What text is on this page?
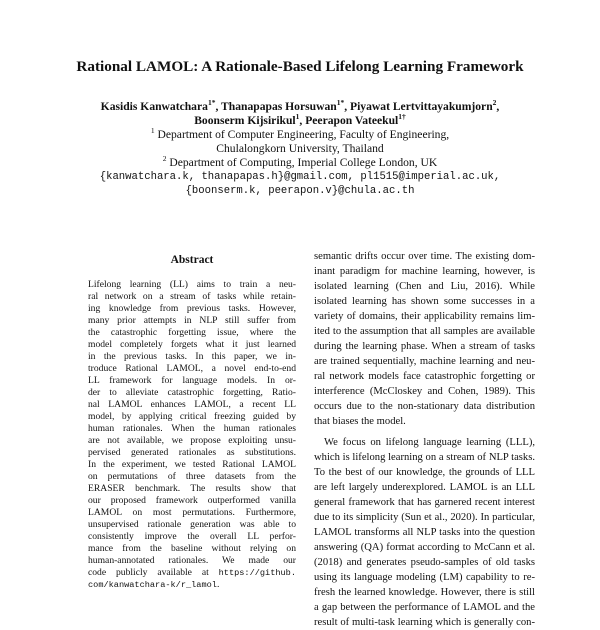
Rational LAMOL: A Rationale-Based Lifelong Learning Framework
Kasidis Kanwatchara$^{1*}$, Thanapapas Horsuwan$^{1*}$, Piyawat Lertvittayakumjorn$^2$,
Boonserm Kijsirikul$^1$, Peerapon Vateekul$^{1\dagger}$
$^1$ Department of Computer Engineering, Faculty of Engineering,
Chulalongkorn University, Thailand
$^2$ Department of Computing, Imperial College London, UK
{kanwatchara.k, thanapapas.h}@gmail.com, pl1515@imperial.ac.uk,
{boonserm.k, peerapon.v}@chula.ac.th
Abstract
Lifelong learning (LL) aims to train a neu-
ral network on a stream of tasks while retain-
ing knowledge from previous tasks. However,
many prior attempts in NLP still suffer from
the catastrophic forgetting issue, where the
model completely forgets what it just learned
in the previous tasks. In this paper, we in-
troduce Rational LAMOL, a novel end-to-end
LL framework for language models. In or-
der to alleviate catastrophic forgetting, Ratio-
nal LAMOL enhances LAMOL, a recent LL
model, by applying critical freezing guided by
human rationales. When the human rationales
are not available, we propose exploiting unsu-
pervised generated rationales as substitutions.
In the experiment, we tested Rational LAMOL
on permutations of three datasets from the
ERASER benchmark. The results show that
our proposed framework outperformed vanilla
LAMOL on most permutations. Furthermore,
unsupervised rationale generation was able to
consistently improve the overall LL perfor-
mance from the baseline without relying on
human-annotated rationales. We made our
code publicly available at https://github.
com/kanwatchara-k/r_lamol.
semantic drifts occur over time. The existing dom-
inant paradigm for machine learning, however, is
isolated learning (Chen and Liu, 2016). While
isolated learning has shown some successes in a
variety of domains, their applicability remains lim-
ited to the assumption that all samples are available
during the learning phase. When a stream of tasks
are trained sequentially, machine learning and neu-
ral network models face catastrophic forgetting or
interference (McCloskey and Cohen, 1989). This
occurs due to the non-stationary data distribution
that biases the model.
We focus on lifelong language learning (LLL),
which is lifelong learning on a stream of NLP tasks.
To the best of our knowledge, the grounds of LLL
are left largely underexplored. LAMOL is an LLL
general framework that has garnered recent interest
due to its simplicity (Sun et al., 2020). In particular,
LAMOL transforms all NLP tasks into the question
answering (QA) format according to McCann et al.
(2018) and generates pseudo-samples of old tasks
using its language modeling (LM) capability to re-
fresh the learned knowledge. However, there is still
a gap between the performance of LAMOL and the
result of multi-task learning which is generally con-
